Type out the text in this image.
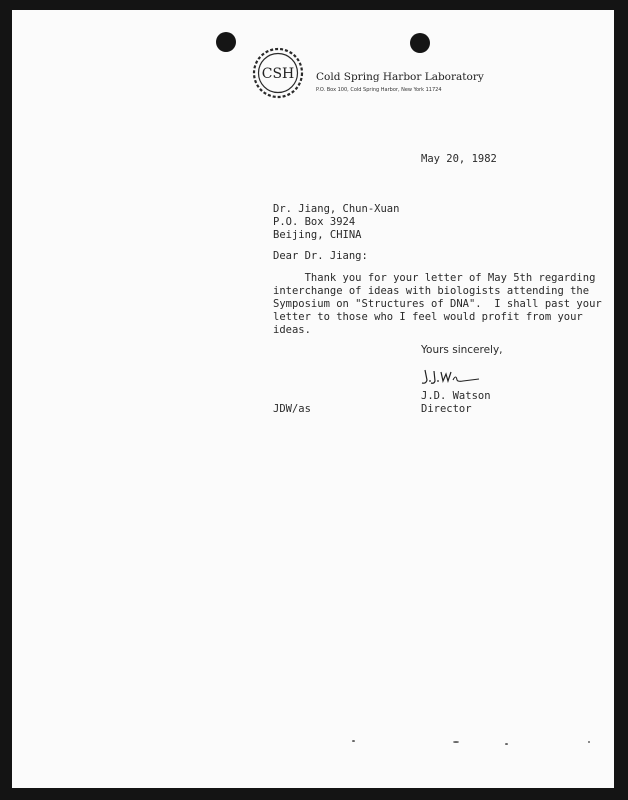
CSH Cold Spring Harbor Laboratory
P.O. Box 100, Cold Spring Harbor, New York 11724
May 20, 1982
Dr. Jiang, Chun-Xuan
P.O. Box 3924
Beijing, CHINA
Dear Dr. Jiang:
Thank you for your letter of May 5th regarding
interchange of ideas with biologists attending the
Symposium on "Structures of DNA".  I shall past your
letter to those who I feel would profit from your
ideas.
Yours sincerely,
J.D. Watson
Director
JDW/as
